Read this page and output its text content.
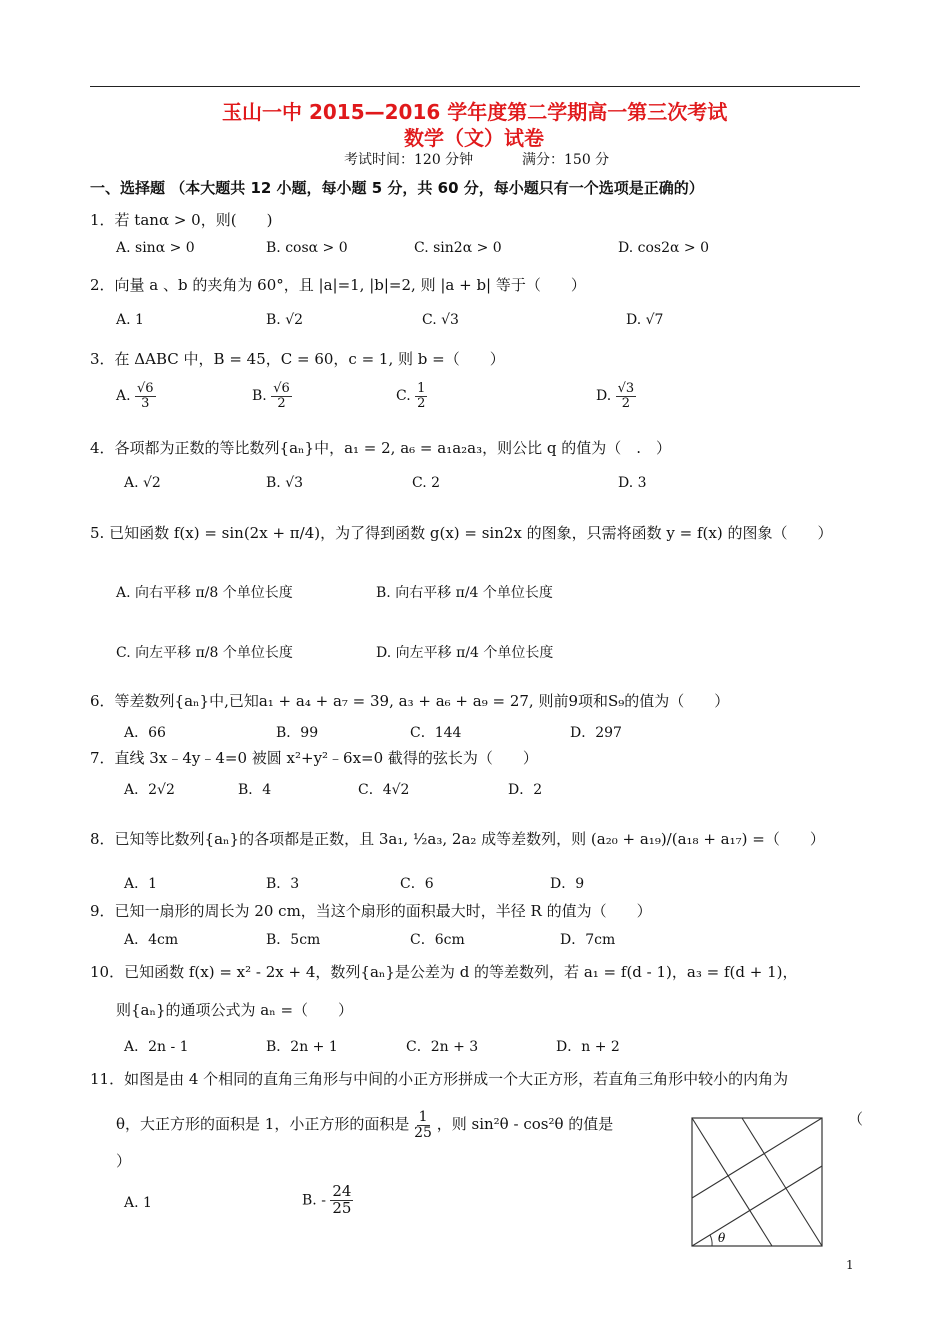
玉山一中 2015—2016 学年度第二学期高一第三次考试
数学（文）试卷
考试时间：120 分钟	满分：150 分
一、选择题 （本大题共 12 小题，每小题 5 分，共 60 分，每小题只有一个选项是正确的）
1．若 tanα > 0，则(　　)
A. sinα > 0	B. cosα > 0	C. sin2α > 0	D. cos2α > 0
2．向量 a 、b 的夹角为 60°，且 |a|=1, |b|=2, 则 |a + b| 等于（　　）
A. 1	B. √2	C. √3	D. √7
3．在 ΔABC 中，B = 45，C = 60，c = 1, 则 b =（　　）
A. $\frac{√6}{3}$	B. $\frac{√6}{2}$	C. $\frac{1}{2}$	D. $\frac{√3}{2}$
4．各项都为正数的等比数列{aₙ}中，a₁ = 2, a₆ = a₁a₂a₃，则公比 q 的值为（　.　）
A. √2	B. √3	C. 2	D. 3
5. 已知函数 f(x) = sin(2x + π/4)，为了得到函数 g(x) = sin2x 的图象，只需将函数 y = f(x) 的图象（　　）
A. 向右平移 π/8 个单位长度	B. 向右平移 π/4 个单位长度
C. 向左平移 π/8 个单位长度	D. 向左平移 π/4 个单位长度
6．等差数列{aₙ}中,已知a₁ + a₄ + a₇ = 39, a₃ + a₆ + a₉ = 27, 则前9项和S₉的值为（　　）
A．66	B．99	C．144	D．297
7．直线 3x﹣4y﹣4=0 被圆 x²+y²﹣6x=0 截得的弦长为（　　）
A．2√2	B．4	C．4√2	D．2
8．已知等比数列{aₙ}的各项都是正数，且 3a₁, ½a₃, 2a₂ 成等差数列，则 (a₂₀ + a₁₉)/(a₁₈ + a₁₇) =（　　）
A．1	B．3	C．6	D．9
9．已知一扇形的周长为 20 cm，当这个扇形的面积最大时，半径 R 的值为（　　）
A．4cm	B．5cm	C．6cm	D．7cm
10．已知函数 f(x) = x² - 2x + 4，数列{aₙ}是公差为 d 的等差数列，若 a₁ = f(d - 1)，a₃ = f(d + 1)，
则{aₙ}的通项公式为 aₙ =（　　）
A．2n - 1	B．2n + 1	C．2n + 3	D．n + 2
11．如图是由 4 个相同的直角三角形与中间的小正方形拼成一个大正方形，若直角三角形中较小的内角为
θ，大正方形的面积是 1，小正方形的面积是 $\frac{1}{25}$ ，则 sin²θ - cos²θ 的值是	（
）
A. 1	B. - $\frac{24}{25}$
θ
1
